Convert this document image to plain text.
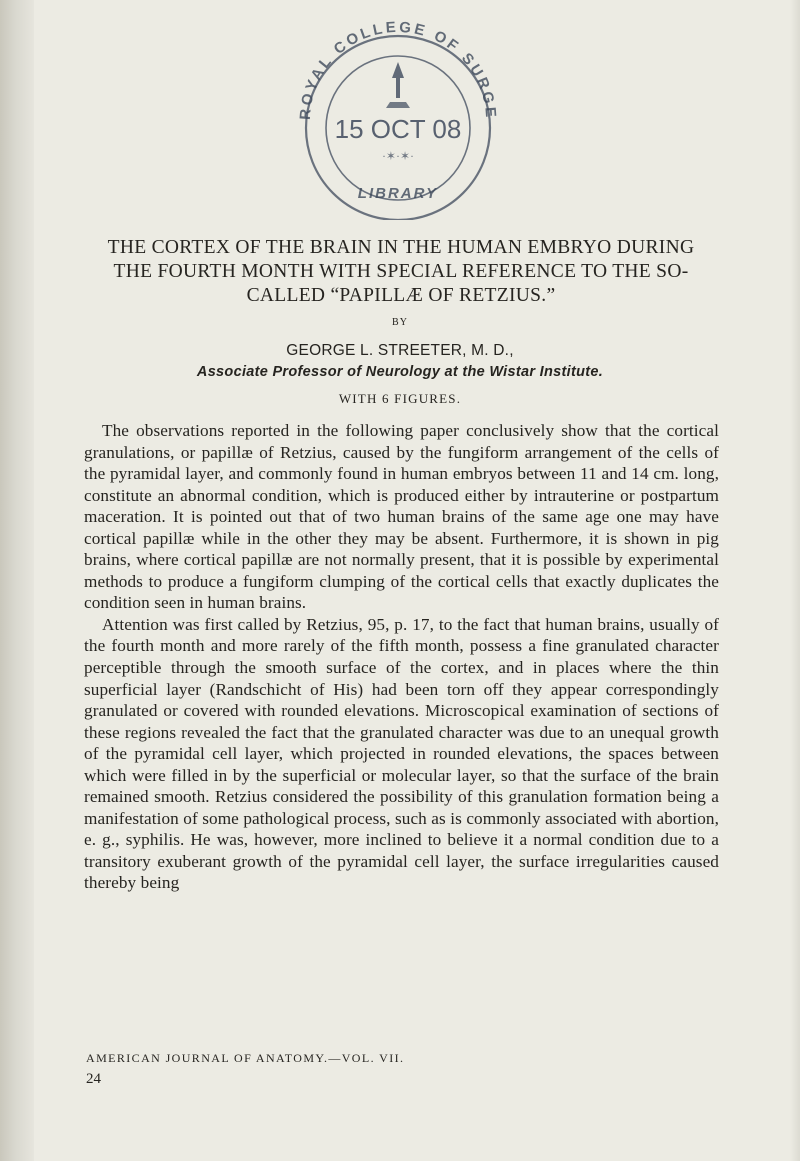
ROYAL COLLEGE OF SURGE
15 OCT 08
·✶·✶·
LIBRARY
THE CORTEX OF THE BRAIN IN THE HUMAN EMBRYO DURING THE FOURTH MONTH WITH SPECIAL REFERENCE TO THE SO-CALLED “PAPILLÆ OF RETZIUS.”
BY
GEORGE L. STREETER, M. D.,
Associate Professor of Neurology at the Wistar Institute.
WITH 6 FIGURES.

The observations reported in the following paper conclusively show that the cortical granulations, or papillæ of Retzius, caused by the fungiform arrangement of the cells of the pyramidal layer, and commonly found in human embryos between 11 and 14 cm. long, constitute an abnormal condition, which is produced either by intrauterine or postpartum maceration. It is pointed out that of two human brains of the same age one may have cortical papillæ while in the other they may be absent. Furthermore, it is shown in pig brains, where cortical papillæ are not normally present, that it is possible by experimental methods to produce a fungiform clumping of the cortical cells that exactly duplicates the condition seen in human brains.

Attention was first called by Retzius, 95, p. 17, to the fact that human brains, usually of the fourth month and more rarely of the fifth month, possess a fine granulated character perceptible through the smooth surface of the cortex, and in places where the thin superficial layer (Randschicht of His) had been torn off they appear correspondingly granulated or covered with rounded elevations. Microscopical examination of sections of these regions revealed the fact that the granulated character was due to an unequal growth of the pyramidal cell layer, which projected in rounded elevations, the spaces between which were filled in by the superficial or molecular layer, so that the surface of the brain remained smooth. Retzius considered the possibility of this granulation formation being a manifestation of some pathological process, such as is commonly associated with abortion, e. g., syphilis. He was, however, more inclined to believe it a normal condition due to a transitory exuberant growth of the pyramidal cell layer, the surface irregularities caused thereby being

AMERICAN JOURNAL OF ANATOMY.—VOL. VII.
24
